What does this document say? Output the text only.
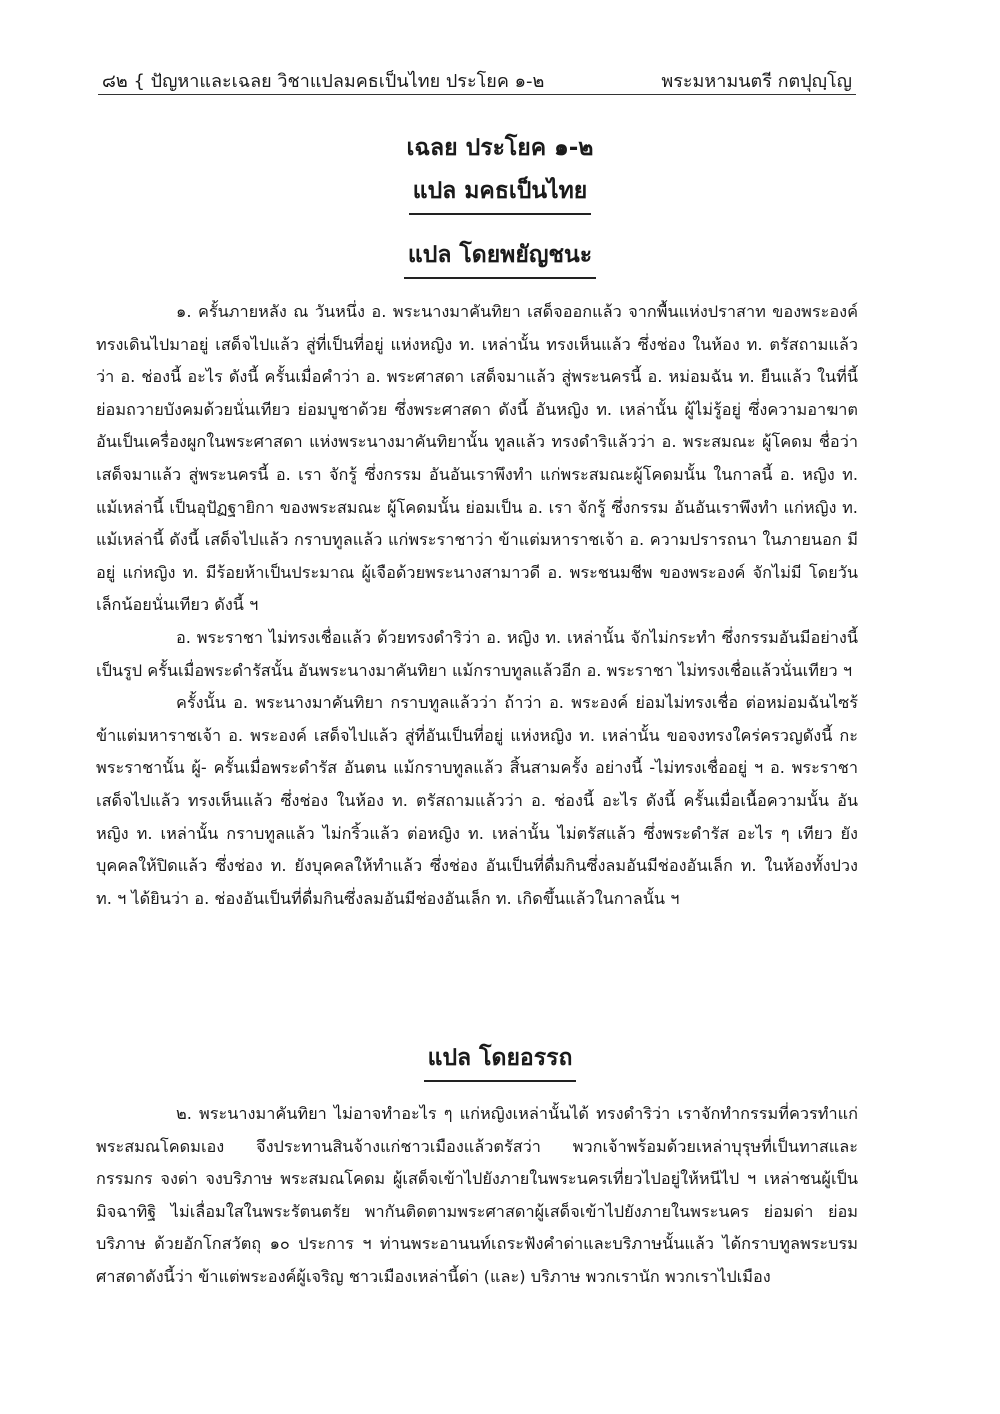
๘๒ { ปัญหาและเฉลย วิชาแปลมคธเป็นไทย ประโยค ๑-๒	พระมหามนตรี กตปุญฺโญ
เฉลย ประโยค ๑-๒
แปล มคธเป็นไทย
แปล โดยพยัญชนะ

๑. ครั้นภายหลัง ณ วันหนึ่ง อ. พระนางมาคันทิยา เสด็จออกแล้ว จากพื้นแห่งปราสาท ของพระองค์ ทรงเดินไปมาอยู่ เสด็จไปแล้ว สู่ที่เป็นที่อยู่ แห่งหญิง ท. เหล่านั้น ทรงเห็นแล้ว ซึ่งช่อง ในห้อง ท. ตรัสถามแล้วว่า อ. ช่องนี้ อะไร ดังนี้ ครั้นเมื่อคำว่า อ. พระศาสดา เสด็จมาแล้ว สู่พระนครนี้ อ. หม่อมฉัน ท. ยืนแล้ว ในที่นี้ ย่อมถวายบังคมด้วยนั่นเทียว ย่อมบูชาด้วย ซึ่งพระศาสดา ดังนี้ อันหญิง ท. เหล่านั้น ผู้ไม่รู้อยู่ ซึ่งความอาฆาต อันเป็นเครื่องผูกในพระศาสดา แห่งพระนางมาคันทิยานั้น ทูลแล้ว ทรงดำริแล้วว่า อ. พระสมณะ ผู้โคดม ชื่อว่าเสด็จมาแล้ว สู่พระนครนี้ อ. เรา จักรู้ ซึ่งกรรม อันอันเราพึงทำ แก่พระสมณะผู้โคดมนั้น ในกาลนี้ อ. หญิง ท. แม้เหล่านี้ เป็นอุปัฏฐายิกา ของพระสมณะ ผู้โคดมนั้น ย่อมเป็น อ. เรา จักรู้ ซึ่งกรรม อันอันเราพึงทำ แก่หญิง ท. แม้เหล่านี้ ดังนี้ เสด็จไปแล้ว กราบทูลแล้ว แก่พระราชาว่า ข้าแต่มหาราชเจ้า อ. ความปรารถนา ในภายนอก มีอยู่ แก่หญิง ท. มีร้อยห้าเป็นประมาณ ผู้เจือด้วยพระนางสามาวดี อ. พระชนมชีพ ของพระองค์ จักไม่มี โดยวันเล็กน้อยนั่นเทียว ดังนี้ ฯ

อ. พระราชา ไม่ทรงเชื่อแล้ว ด้วยทรงดำริว่า อ. หญิง ท. เหล่านั้น จักไม่กระทำ ซึ่งกรรมอันมีอย่างนี้เป็นรูป ครั้นเมื่อพระดำรัสนั้น อันพระนางมาคันทิยา แม้กราบทูลแล้วอีก อ. พระราชา ไม่ทรงเชื่อแล้วนั่นเทียว ฯ

ครั้งนั้น อ. พระนางมาคันทิยา กราบทูลแล้วว่า ถ้าว่า อ. พระองค์ ย่อมไม่ทรงเชื่อ ต่อหม่อมฉันไซร้ ข้าแต่มหาราชเจ้า อ. พระองค์ เสด็จไปแล้ว สู่ที่อันเป็นที่อยู่ แห่งหญิง ท. เหล่านั้น ขอจงทรงใคร่ครวญดังนี้ กะพระราชานั้น ผู้- ครั้นเมื่อพระดำรัส อันตน แม้กราบทูลแล้ว สิ้นสามครั้ง อย่างนี้ -ไม่ทรงเชื่ออยู่ ฯ อ. พระราชา เสด็จไปแล้ว ทรงเห็นแล้ว ซึ่งช่อง ในห้อง ท. ตรัสถามแล้วว่า อ. ช่องนี้ อะไร ดังนี้ ครั้นเมื่อเนื้อความนั้น อันหญิง ท. เหล่านั้น กราบทูลแล้ว ไม่กริ้วแล้ว ต่อหญิง ท. เหล่านั้น ไม่ตรัสแล้ว ซึ่งพระดำรัส อะไร ๆ เทียว ยังบุคคลให้ปิดแล้ว ซึ่งช่อง ท. ยังบุคคลให้ทำแล้ว ซึ่งช่อง อันเป็นที่ดื่มกินซึ่งลมอันมีช่องอันเล็ก ท. ในห้องทั้งปวง ท. ฯ ได้ยินว่า อ. ช่องอันเป็นที่ดื่มกินซึ่งลมอันมีช่องอันเล็ก ท. เกิดขึ้นแล้วในกาลนั้น ฯ

แปล โดยอรรถ

๒. พระนางมาคันทิยา ไม่อาจทำอะไร ๆ แก่หญิงเหล่านั้นได้ ทรงดำริว่า เราจักทำกรรมที่ควรทำแก่พระสมณโคดมเอง จึงประทานสินจ้างแก่ชาวเมืองแล้วตรัสว่า พวกเจ้าพร้อมด้วยเหล่าบุรุษที่เป็นทาสและกรรมกร จงด่า จงบริภาษ พระสมณโคดม ผู้เสด็จเข้าไปยังภายในพระนครเที่ยวไปอยู่ให้หนีไป ฯ เหล่าชนผู้เป็นมิจฉาทิฐิ ไม่เลื่อมใสในพระรัตนตรัย พากันติดตามพระศาสดาผู้เสด็จเข้าไปยังภายในพระนคร ย่อมด่า ย่อมบริภาษ ด้วยอักโกสวัตถุ ๑๐ ประการ ฯ ท่านพระอานนท์เถระฟังคำด่าและบริภาษนั้นแล้ว ได้กราบทูลพระบรมศาสดาดังนี้ว่า ข้าแต่พระองค์ผู้เจริญ ชาวเมืองเหล่านี้ด่า (และ) บริภาษ พวกเรานัก พวกเราไปเมือง
